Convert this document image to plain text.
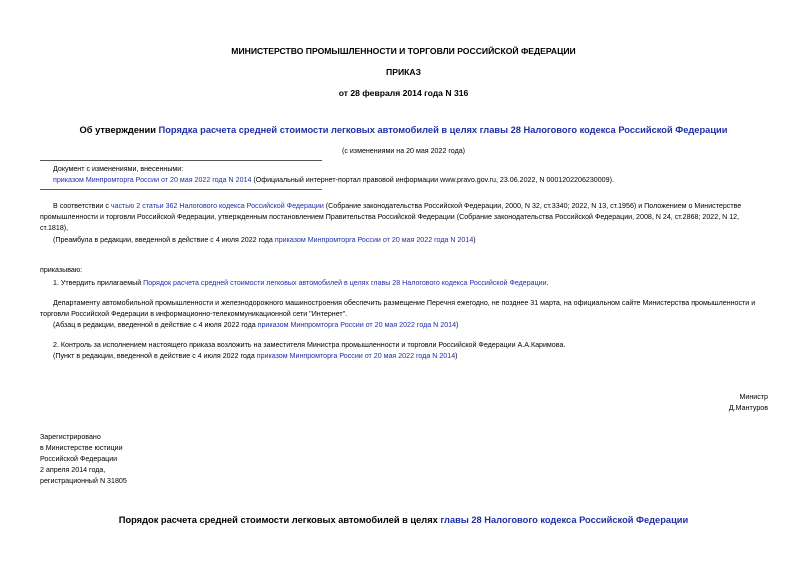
МИНИСТЕРСТВО ПРОМЫШЛЕННОСТИ И ТОРГОВЛИ РОССИЙСКОЙ ФЕДЕРАЦИИ
ПРИКАЗ
от 28 февраля 2014 года N 316
Об утверждении Порядка расчета средней стоимости легковых автомобилей в целях главы 28 Налогового кодекса Российской Федерации
(с изменениями на 20 мая 2022 года)
Документ с изменениями, внесенными:
приказом Минпромторга России от 20 мая 2022 года N 2014 (Официальный интернет-портал правовой информации www.pravo.gov.ru, 23.06.2022, N 0001202206230009).
В соответствии с частью 2 статьи 362 Налогового кодекса Российской Федерации (Собрание законодательства Российской Федерации, 2000, N 32, ст.3340; 2022, N 13, ст.1956) и Положением о Министерстве
промышленности и торговли Российской Федерации, утвержденным постановлением Правительства Российской Федерации (Собрание законодательства Российской Федерации, 2008, N 24, ст.2868; 2022, N 12,
ст.1818),
(Преамбула в редакции, введенной в действие с 4 июля 2022 года приказом Минпромторга России от 20 мая 2022 года N 2014)
приказываю:
1. Утвердить прилагаемый Порядок расчета средней стоимости легковых автомобилей в целях главы 28 Налогового кодекса Российской Федерации.
Департаменту автомобильной промышленности и железнодорожного машиностроения обеспечить размещение Перечня ежегодно, не позднее 31 марта, на официальном сайте Министерства промышленности и
торговли Российской Федерации в информационно-телекоммуникационной сети "Интернет".
(Абзац в редакции, введенной в действие с 4 июля 2022 года приказом Минпромторга России от 20 мая 2022 года N 2014)
2. Контроль за исполнением настоящего приказа возложить на заместителя Министра промышленности и торговли Российской Федерации А.А.Каримова.
(Пункт в редакции, введенной в действие с 4 июля 2022 года приказом Минпромторга России от 20 мая 2022 года N 2014)
Министр
Д.Мантуров
Зарегистрировано
в Министерстве юстиции
Российской Федерации
2 апреля 2014 года,
регистрационный N 31805
Порядок расчета средней стоимости легковых автомобилей в целях главы 28 Налогового кодекса Российской Федерации
